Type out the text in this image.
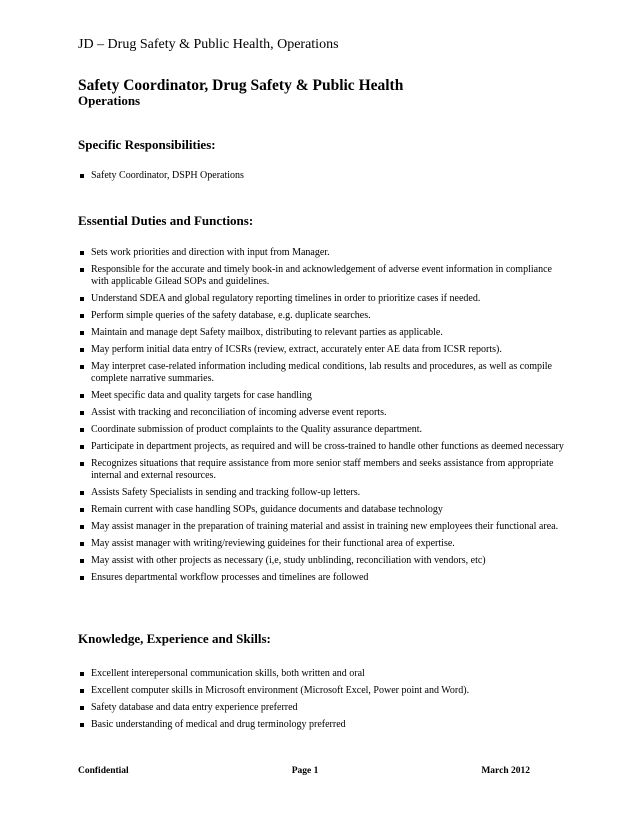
JD – Drug Safety & Public Health, Operations
Safety Coordinator, Drug Safety & Public Health
Operations
Specific Responsibilities:
Safety Coordinator, DSPH Operations
Essential Duties and Functions:
Sets work priorities and direction with input from Manager.
Responsible for the accurate and timely book-in and acknowledgement of adverse event information in compliance with applicable Gilead SOPs and guidelines.
Understand SDEA and global regulatory reporting timelines in order to prioritize cases if needed.
Perform simple queries of the safety database, e.g. duplicate searches.
Maintain and manage dept Safety mailbox, distributing to relevant parties as applicable.
May perform initial data entry of ICSRs (review, extract, accurately enter AE data from ICSR reports).
May interpret case-related information including medical conditions, lab results and procedures, as well as compile complete narrative summaries.
Meet specific data and quality targets for case handling
Assist with tracking and reconciliation of incoming adverse event reports.
Coordinate submission of product complaints to the Quality assurance department.
Participate in department projects, as required and will be cross-trained to handle other functions as deemed necessary
Recognizes situations that require assistance from more senior staff members and seeks assistance from appropriate internal and external resources.
Assists Safety Specialists in sending and tracking follow-up letters.
Remain current with case handling SOPs, guidance documents and database technology
May assist manager in the preparation of training material and assist in training new employees their functional area.
May assist manager with writing/reviewing guideines for their functional area of expertise.
May assist with other projects as necessary (i,e, study unblinding, reconciliation with vendors, etc)
Ensures departmental workflow processes and timelines are followed
Knowledge, Experience and Skills:
Excellent interepersonal communication skills, both written and oral
Excellent computer skills in Microsoft environment (Microsoft Excel, Power point and Word).
Safety database and data entry experience preferred
Basic understanding of medical and drug terminology preferred
Confidential	Page 1	March 2012
